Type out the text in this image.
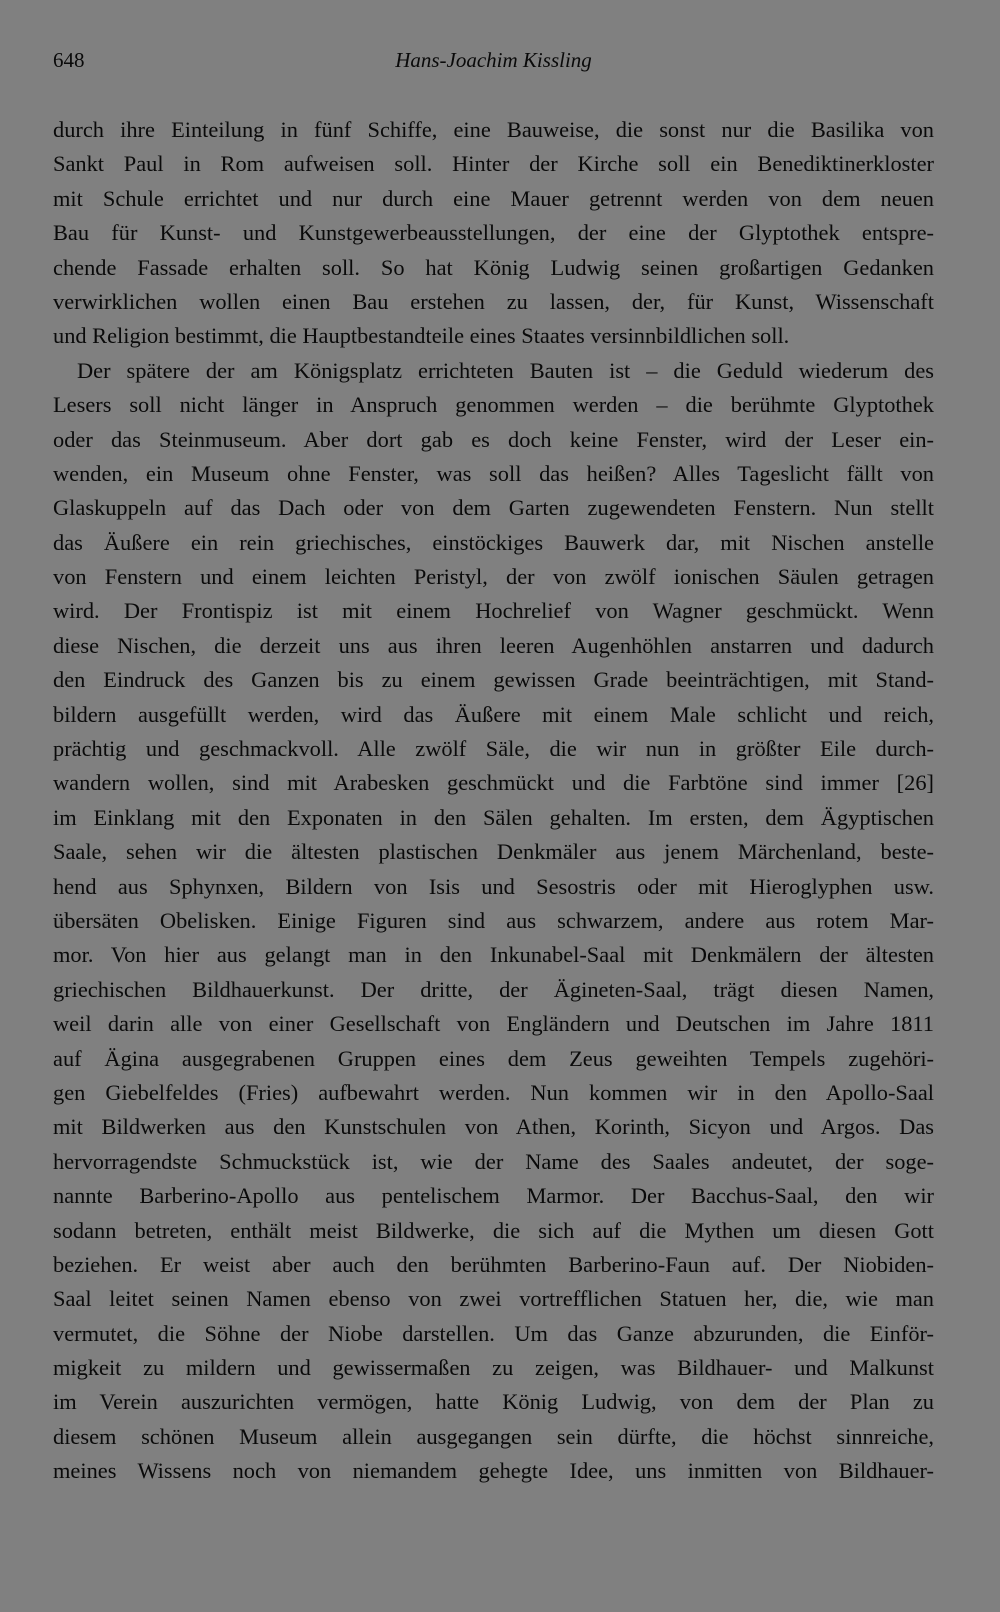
648	Hans-Joachim Kissling
durch ihre Einteilung in fünf Schiffe, eine Bauweise, die sonst nur die Basilika von
Sankt Paul in Rom aufweisen soll. Hinter der Kirche soll ein Benediktinerkloster
mit Schule errichtet und nur durch eine Mauer getrennt werden von dem neuen
Bau für Kunst- und Kunstgewerbeausstellungen, der eine der Glyptothek entspre-
chende Fassade erhalten soll. So hat König Ludwig seinen großartigen Gedanken
verwirklichen wollen einen Bau erstehen zu lassen, der, für Kunst, Wissenschaft
und Religion bestimmt, die Hauptbestandteile eines Staates versinnbildlichen soll.
Der spätere der am Königsplatz errichteten Bauten ist – die Geduld wiederum des
Lesers soll nicht länger in Anspruch genommen werden – die berühmte Glyptothek
oder das Steinmuseum. Aber dort gab es doch keine Fenster, wird der Leser ein-
wenden, ein Museum ohne Fenster, was soll das heißen? Alles Tageslicht fällt von
Glaskuppeln auf das Dach oder von dem Garten zugewendeten Fenstern. Nun stellt
das Äußere ein rein griechisches, einstöckiges Bauwerk dar, mit Nischen anstelle
von Fenstern und einem leichten Peristyl, der von zwölf ionischen Säulen getragen
wird. Der Frontispiz ist mit einem Hochrelief von Wagner geschmückt. Wenn
diese Nischen, die derzeit uns aus ihren leeren Augenhöhlen anstarren und dadurch
den Eindruck des Ganzen bis zu einem gewissen Grade beeinträchtigen, mit Stand-
bildern ausgefüllt werden, wird das Äußere mit einem Male schlicht und reich,
prächtig und geschmackvoll. Alle zwölf Säle, die wir nun in größter Eile durch-
wandern wollen, sind mit Arabesken geschmückt und die Farbtöne sind immer [26]
im Einklang mit den Exponaten in den Sälen gehalten. Im ersten, dem Ägyptischen
Saale, sehen wir die ältesten plastischen Denkmäler aus jenem Märchenland, beste-
hend aus Sphynxen, Bildern von Isis und Sesostris oder mit Hieroglyphen usw.
übersäten Obelisken. Einige Figuren sind aus schwarzem, andere aus rotem Mar-
mor. Von hier aus gelangt man in den Inkunabel-Saal mit Denkmälern der ältesten
griechischen Bildhauerkunst. Der dritte, der Ägineten-Saal, trägt diesen Namen,
weil darin alle von einer Gesellschaft von Engländern und Deutschen im Jahre 1811
auf Ägina ausgegrabenen Gruppen eines dem Zeus geweihten Tempels zugehöri-
gen Giebelfeldes (Fries) aufbewahrt werden. Nun kommen wir in den Apollo-Saal
mit Bildwerken aus den Kunstschulen von Athen, Korinth, Sicyon und Argos. Das
hervorragendste Schmuckstück ist, wie der Name des Saales andeutet, der soge-
nannte Barberino-Apollo aus pentelischem Marmor. Der Bacchus-Saal, den wir
sodann betreten, enthält meist Bildwerke, die sich auf die Mythen um diesen Gott
beziehen. Er weist aber auch den berühmten Barberino-Faun auf. Der Niobiden-
Saal leitet seinen Namen ebenso von zwei vortrefflichen Statuen her, die, wie man
vermutet, die Söhne der Niobe darstellen. Um das Ganze abzurunden, die Einför-
migkeit zu mildern und gewissermaßen zu zeigen, was Bildhauer- und Malkunst
im Verein auszurichten vermögen, hatte König Ludwig, von dem der Plan zu
diesem schönen Museum allein ausgegangen sein dürfte, die höchst sinnreiche,
meines Wissens noch von niemandem gehegte Idee, uns inmitten von Bildhauer-
